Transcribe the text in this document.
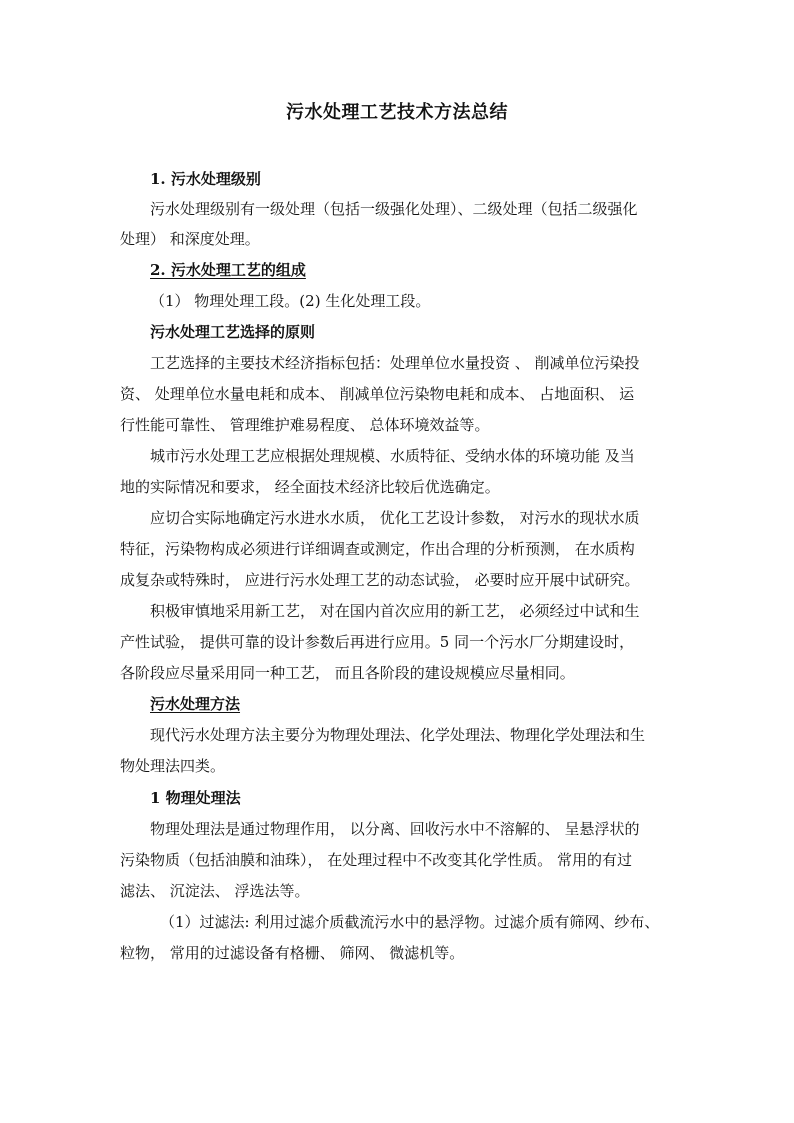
污水处理工艺技术方法总结
1. 污水处理级别
污水处理级别有一级处理（包括一级强化处理）、二级处理（包括二级强化
处理） 和深度处理。
2. 污水处理工艺的组成
（1） 物理处理工段。(2) 生化处理工段。
污水处理工艺选择的原则
工艺选择的主要技术经济指标包括：处理单位水量投资 、 削减单位污染投
资、 处理单位水量电耗和成本、 削减单位污染物电耗和成本、 占地面积、 运
行性能可靠性、 管理维护难易程度、 总体环境效益等。
城市污水处理工艺应根据处理规模、水质特征、受纳水体的环境功能 及当
地的实际情况和要求， 经全面技术经济比较后优选确定。
应切合实际地确定污水进水水质， 优化工艺设计参数， 对污水的现状水质
特征，污染物构成必须进行详细调查或测定，作出合理的分析预测， 在水质构
成复杂或特殊时， 应进行污水处理工艺的动态试验， 必要时应开展中试研究。
积极审慎地采用新工艺， 对在国内首次应用的新工艺， 必须经过中试和生
产性试验， 提供可靠的设计参数后再进行应用。5 同一个污水厂分期建设时，
各阶段应尽量采用同一种工艺， 而且各阶段的建设规模应尽量相同。
污水处理方法
现代污水处理方法主要分为物理处理法、化学处理法、物理化学处理法和生
物处理法四类。
1 物理处理法
物理处理法是通过物理作用， 以分离、回收污水中不溶解的、 呈悬浮状的
污染物质（包括油膜和油珠）， 在处理过程中不改变其化学性质。 常用的有过
滤法、 沉淀法、 浮选法等。
（1）过滤法: 利用过滤介质截流污水中的悬浮物。过滤介质有筛网、纱布、
粒物， 常用的过滤设备有格栅、 筛网、 微滤机等。
